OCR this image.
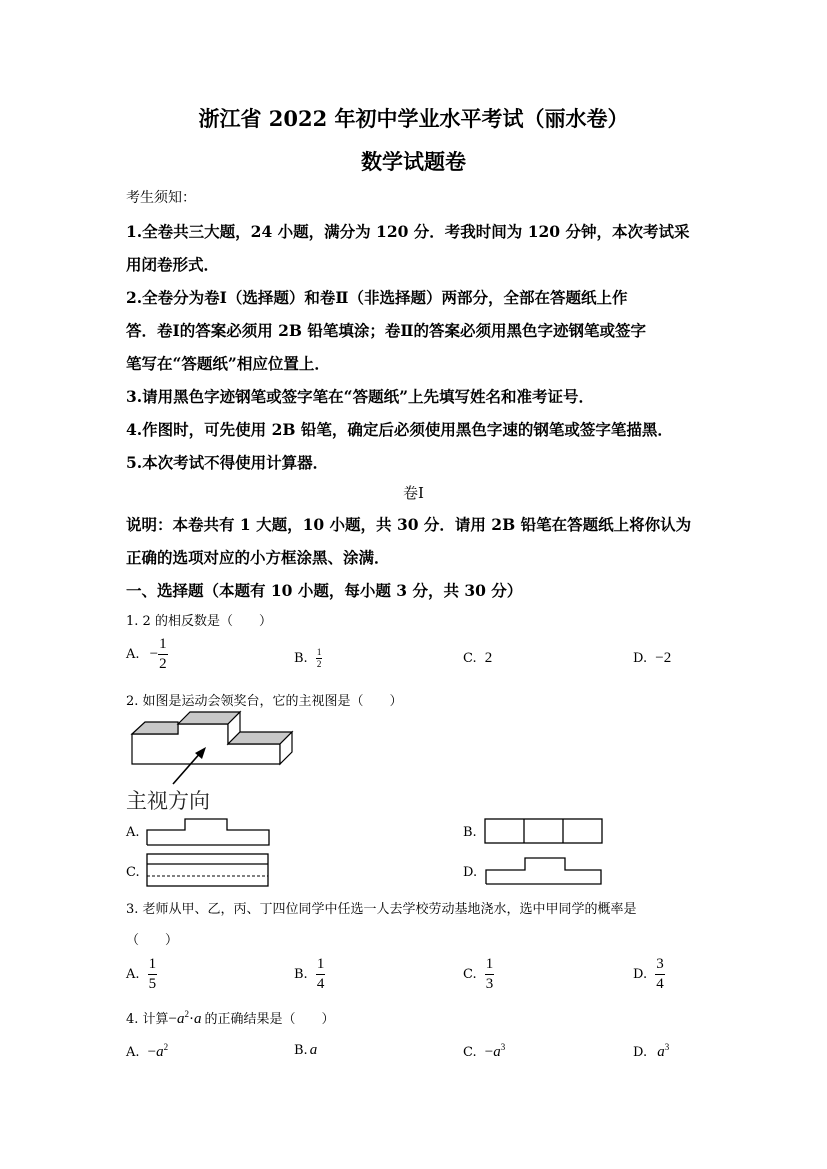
浙江省 2022 年初中学业水平考试（丽水卷）
数学试题卷
考生须知：
1.全卷共三大题，24 小题，满分为 120 分．考我时间为 120 分钟，本次考试采
用闭卷形式．
2.全卷分为卷Ⅰ（选择题）和卷Ⅱ（非选择题）两部分，全部在答题纸上作
答．卷Ⅰ的答案必须用 2B 铅笔填涂；卷Ⅱ的答案必须用黑色字迹钢笔或签字
笔写在“答题纸”相应位置上．
3.请用黑色字迹钢笔或签字笔在“答题纸”上先填写姓名和准考证号．
4.作图时，可先使用 2B 铅笔，确定后必须使用黑色字速的钢笔或签字笔描黑．
5.本次考试不得使用计算器．
卷Ⅰ
说明：本卷共有 1 大题，10 小题，共 30 分．请用 2B 铅笔在答题纸上将你认为
正确的选项对应的小方框涂黑、涂满．
一、选择题（本题有 10 小题，每小题 3 分，共 30 分）
1. 2 的相反数是（　　）
A. − $\frac{1}{2}$	B. $\frac{1}{2}$	C. 2	D. −2
2. 如图是运动会领奖台，它的主视图是（　　）
主视方向
A.	B.
C.	D.
3. 老师从甲、乙，丙、丁四位同学中任选一人去学校劳动基地浇水，选中甲同学的概率是
（　　）
A. $\frac{1}{5}$	B. $\frac{1}{4}$	C. $\frac{1}{3}$	D. $\frac{3}{4}$
4. 计算$-a^2\cdot a$ 的正确结果是（　　）
A. $-a^2$	B. a	C. $-a^3$	D. $a^3$
